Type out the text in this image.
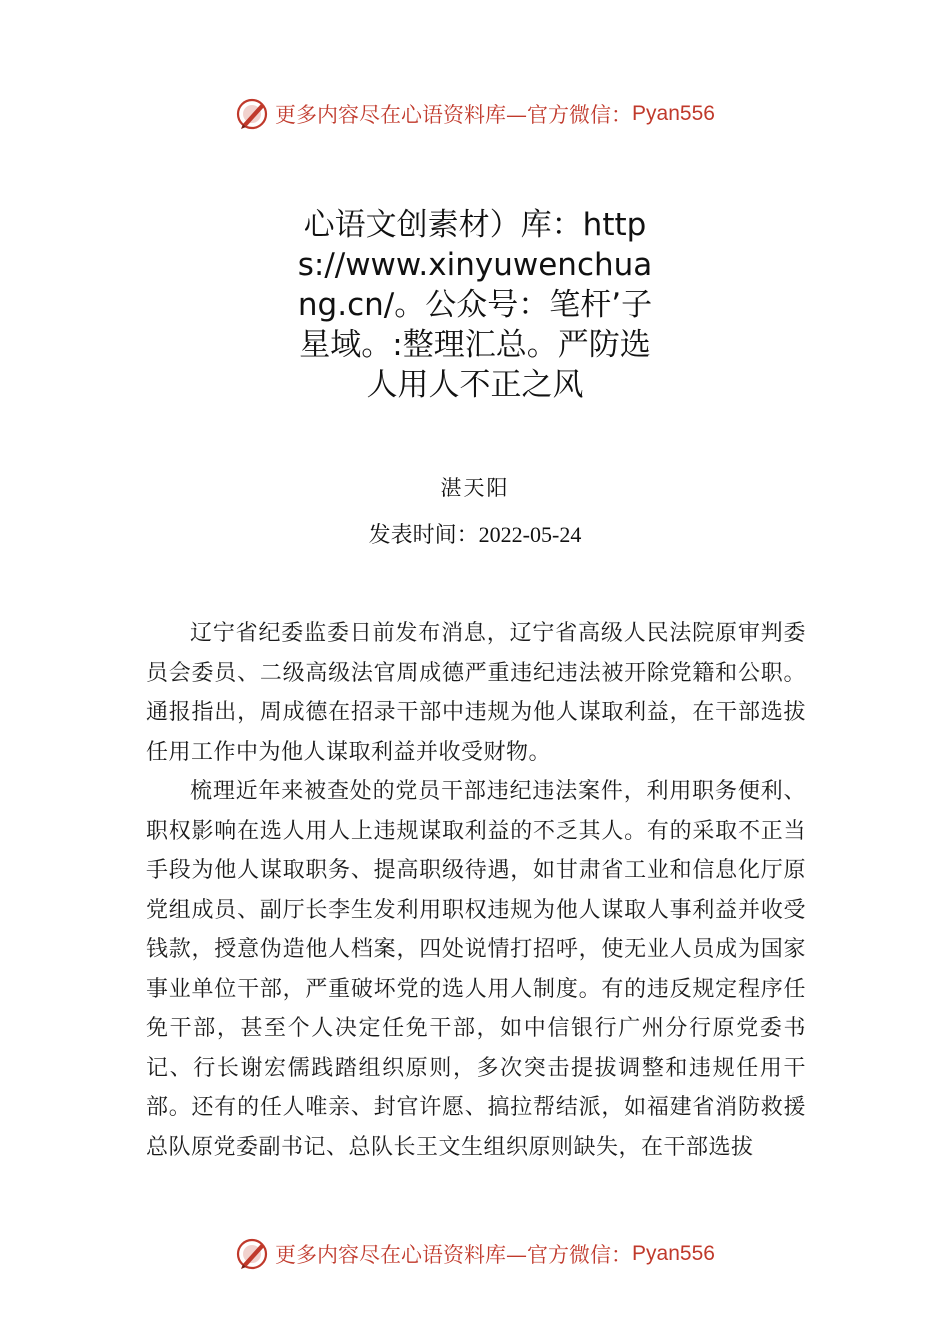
更多内容尽在心语资料库—官方微信： Pyan556
心语文创素材）库：https://www.xinyuwenchuang.cn/。公众号：笔杆’子星域。:整理汇总。严防选人用人不正之风
湛天阳
发表时间：2022-05-24

辽宁省纪委监委日前发布消息，辽宁省高级人民法院原审判委员会委员、二级高级法官周成德严重违纪违法被开除党籍和公职。通报指出，周成德在招录干部中违规为他人谋取利益，在干部选拔任用工作中为他人谋取利益并收受财物。

梳理近年来被查处的党员干部违纪违法案件，利用职务便利、职权影响在选人用人上违规谋取利益的不乏其人。有的采取不正当手段为他人谋取职务、提高职级待遇，如甘肃省工业和信息化厅原党组成员、副厅长李生发利用职权违规为他人谋取人事利益并收受钱款，授意伪造他人档案，四处说情打招呼，使无业人员成为国家事业单位干部，严重破坏党的选人用人制度。有的违反规定程序任免干部，甚至个人决定任免干部，如中信银行广州分行原党委书记、行长谢宏儒践踏组织原则，多次突击提拔调整和违规任用干部。还有的任人唯亲、封官许愿、搞拉帮结派，如福建省消防救援总队原党委副书记、总队长王文生组织原则缺失，在干部选拔

更多内容尽在心语资料库—官方微信： Pyan556
